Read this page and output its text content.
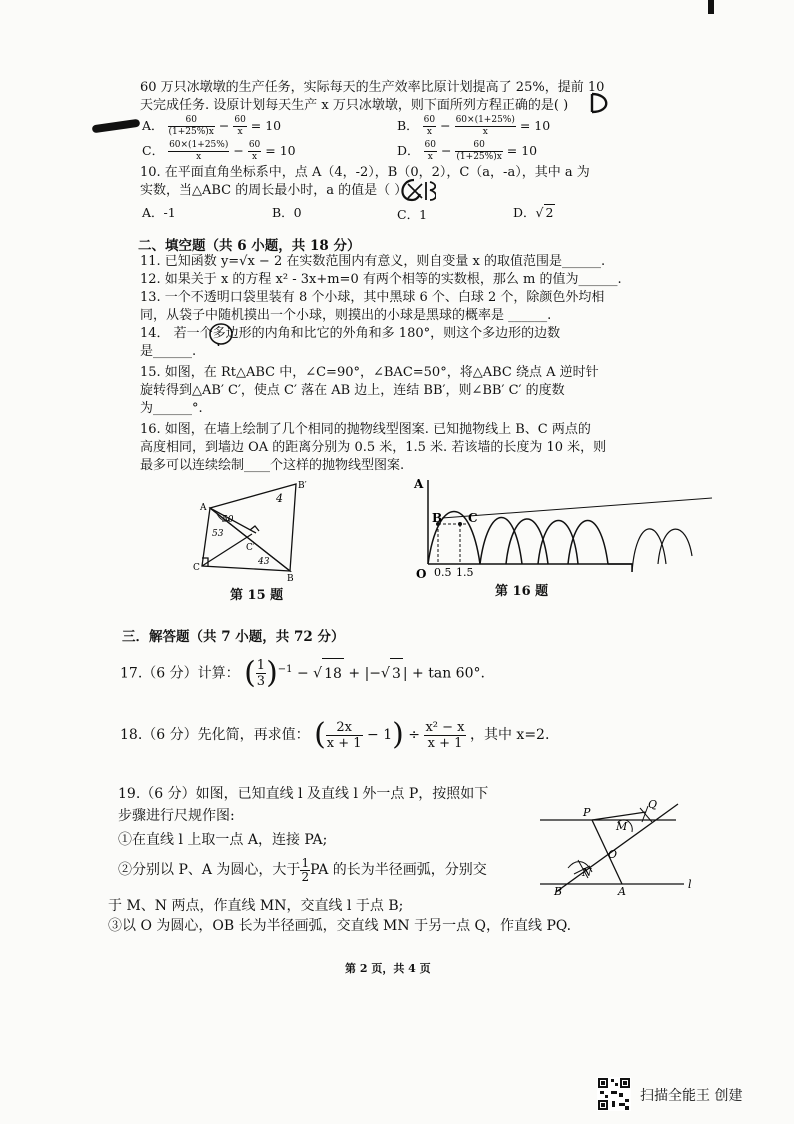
60 万只冰墩墩的生产任务，实际每天的生产效率比原计划提高了 25%，提前 10
天完成任务. 设原计划每天生产 x 万只冰墩墩，则下面所列方程正确的是( )
A． $\frac{60}{(1+25\%)x} - \frac{60}{x} = 10$	B． $\frac{60}{x} - \frac{60\times(1+25\%)}{x} = 10$
C． $\frac{60\times(1+25\%)}{x} - \frac{60}{x} = 10$	D． $\frac{60}{x} - \frac{60}{(1+25\%)x} = 10$
10. 在平面直角坐标系中，点 A（4，-2），B（0，2），C（a，-a），其中 a 为
实数，当△ABC 的周长最小时，a 的值是（ ）
A．-1	B．0	C．1	D．√ 2
二、填空题（共 6 小题，共 18 分）
11. 已知函数 y=√x − 2 在实数范围内有意义，则自变量 x 的取值范围是______.
12. 如果关于 x 的方程 x² - 3x+m=0 有两个相等的实数根，那么 m 的值为______.
13. 一个不透明口袋里装有 8 个小球，其中黑球 6 个、白球 2 个，除颜色外均相
同，从袋子中随机摸出一个小球，则摸出的小球是黑球的概率是 ______.
14． 若一个多边形的内角和比它的外角和多 180°，则这个多边形的边数
是______.
15. 如图，在 Rt△ABC 中，∠C=90°，∠BAC=50°，将△ABC 绕点 A 逆时针
旋转得到△AB′ C′，使点 C′ 落在 AB 边上，连结 BB′，则∠BB′ C′ 的度数
为______°.
16. 如图，在墙上绘制了几个相同的抛物线型图案. 已知抛物线上 B、C 两点的
高度相同，到墙边 OA 的距离分别为 0.5 米，1.5 米. 若该墙的长度为 10 米，则
最多可以连续绘制____个这样的抛物线型图案.
A
C
B
B′
C′
50
53
4
43
第 15 题
A
O
B C
0.5 1.5
第 16 题
三．解答题（共 7 小题，共 72 分）
17.（6 分）计算： ( $\frac{1}{3} )^{-1}$ − √ 18 + |−√ 3 | + tan 60°.
18.（6 分）先化简，再求值： ( $\frac{2x}{x + 1} - 1) \div \frac{\text{x² − x}}{x + 1}$ ，其中 x=2.
19.（6 分）如图，已知直线 l 及直线 l 外一点 P，按照如下
步骤进行尺规作图:
①在直线 l 上取一点 A，连接 PA;
②分别以 P、A 为圆心，大于 $\frac{1}{2}$ PA 的长为半径画弧，分别交
于 M、N 两点，作直线 MN，交直线 l 于点 B;
③以 O 为圆心，OB 长为半径画弧，交直线 MN 于另一点 Q，作直线 PQ.
P
Q
M
O
N
B	A
l
第 2 页，共 4 页
扫描全能王 创建
